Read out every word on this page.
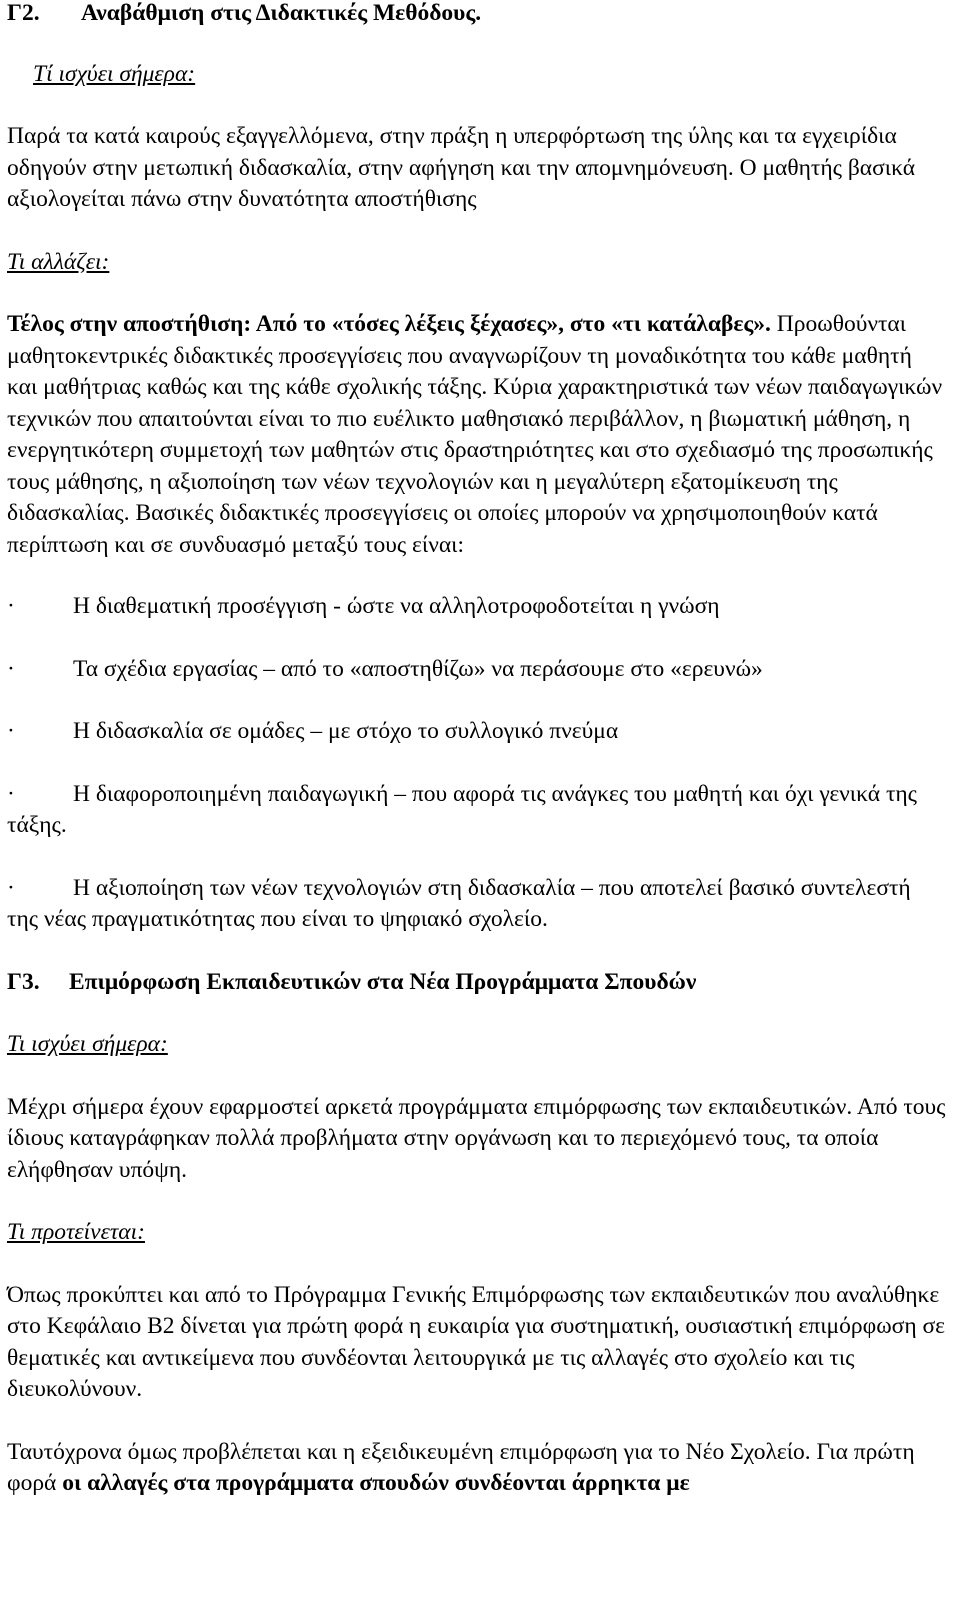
Γ2. Αναβάθμιση στις Διδακτικές Μεθόδους.

Τί ισχύει σήμερα:

Παρά τα κατά καιρούς εξαγγελλόμενα, στην πράξη η υπερφόρτωση της ύλης και τα εγχειρίδια οδηγούν στην μετωπική διδασκαλία, στην αφήγηση και την απομνημόνευση. Ο μαθητής βασικά αξιολογείται πάνω στην δυνατότητα αποστήθισης

Τι αλλάζει:

Τέλος στην αποστήθιση: Από το «τόσες λέξεις ξέχασες», στο «τι κατάλαβες». Προωθούνται μαθητοκεντρικές διδακτικές προσεγγίσεις που αναγνωρίζουν τη μοναδικότητα του κάθε μαθητή και μαθήτριας καθώς και της κάθε σχολικής τάξης. Κύρια χαρακτηριστικά των νέων παιδαγωγικών τεχνικών που απαιτούνται είναι το πιο ευέλικτο μαθησιακό περιβάλλον, η βιωματική μάθηση, η ενεργητικότερη συμμετοχή των μαθητών στις δραστηριότητες και στο σχεδιασμό της προσωπικής τους μάθησης, η αξιοποίηση των νέων τεχνολογιών και η μεγαλύτερη εξατομίκευση της διδασκαλίας. Βασικές διδακτικές προσεγγίσεις οι οποίες μπορούν να χρησιμοποιηθούν κατά περίπτωση και σε συνδυασμό μεταξύ τους είναι:

· Η διαθεματική προσέγγιση - ώστε να αλληλοτροφοδοτείται η γνώση

· Τα σχέδια εργασίας – από το «αποστηθίζω» να περάσουμε στο «ερευνώ»

· Η διδασκαλία σε ομάδες – με στόχο το συλλογικό πνεύμα

· Η διαφοροποιημένη παιδαγωγική – που αφορά τις ανάγκες του μαθητή και όχι γενικά της τάξης.

· Η αξιοποίηση των νέων τεχνολογιών στη διδασκαλία – που αποτελεί βασικό συντελεστή της νέας πραγματικότητας που είναι το ψηφιακό σχολείο.

Γ3. Επιμόρφωση Εκπαιδευτικών στα Νέα Προγράμματα Σπουδών

Τι ισχύει σήμερα:

Μέχρι σήμερα έχουν εφαρμοστεί αρκετά προγράμματα επιμόρφωσης των εκπαιδευτικών. Από τους ίδιους καταγράφηκαν πολλά προβλήματα στην οργάνωση και το περιεχόμενό τους, τα οποία ελήφθησαν υπόψη.

Τι προτείνεται:

Όπως προκύπτει και από το Πρόγραμμα Γενικής Επιμόρφωσης των εκπαιδευτικών που αναλύθηκε στο Κεφάλαιο Β2 δίνεται για πρώτη φορά η ευκαιρία για συστηματική, ουσιαστική επιμόρφωση σε θεματικές και αντικείμενα που συνδέονται λειτουργικά με τις αλλαγές στο σχολείο και τις διευκολύνουν.

Ταυτόχρονα όμως προβλέπεται και η εξειδικευμένη επιμόρφωση για το Νέο Σχολείο. Για πρώτη φορά οι αλλαγές στα προγράμματα σπουδών συνδέονται άρρηκτα με
